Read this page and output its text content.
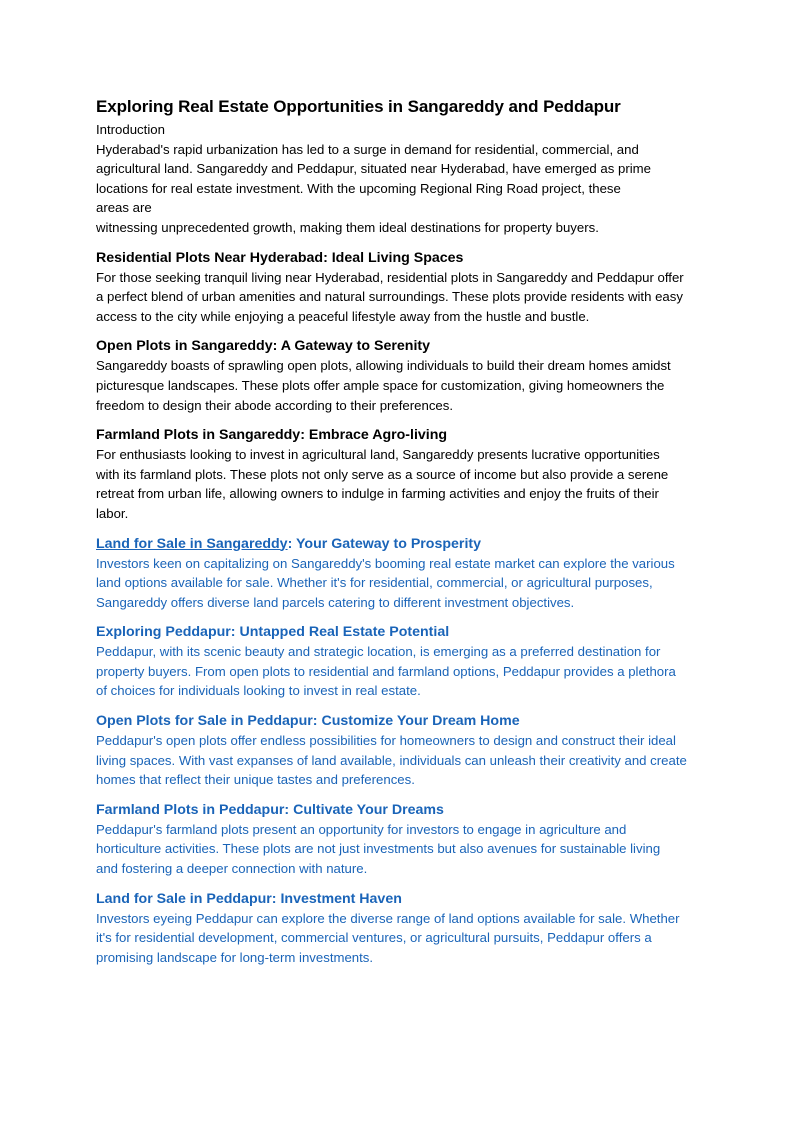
Exploring Real Estate Opportunities in Sangareddy and Peddapur

Introduction

Hyderabad's rapid urbanization has led to a surge in demand for residential, commercial, and
agricultural land. Sangareddy and Peddapur, situated near Hyderabad, have emerged as prime
locations for real estate investment. With the upcoming Regional Ring Road project, these
areas are
witnessing unprecedented growth, making them ideal destinations for property buyers.
Residential Plots Near Hyderabad: Ideal Living Spaces
For those seeking tranquil living near Hyderabad, residential plots in Sangareddy and Peddapur offer
a perfect blend of urban amenities and natural surroundings. These plots provide residents with easy
access to the city while enjoying a peaceful lifestyle away from the hustle and bustle.
Open Plots in Sangareddy: A Gateway to Serenity
Sangareddy boasts of sprawling open plots, allowing individuals to build their dream homes amidst
picturesque landscapes. These plots offer ample space for customization, giving homeowners the
freedom to design their abode according to their preferences.
Farmland Plots in Sangareddy: Embrace Agro-living
For enthusiasts looking to invest in agricultural land, Sangareddy presents lucrative opportunities
with its farmland plots. These plots not only serve as a source of income but also provide a serene
retreat from urban life, allowing owners to indulge in farming activities and enjoy the fruits of their
labor.
Land for Sale in Sangareddy: Your Gateway to Prosperity
Investors keen on capitalizing on Sangareddy's booming real estate market can explore the various
land options available for sale. Whether it's for residential, commercial, or agricultural purposes,
Sangareddy offers diverse land parcels catering to different investment objectives.
Exploring Peddapur: Untapped Real Estate Potential
Peddapur, with its scenic beauty and strategic location, is emerging as a preferred destination for
property buyers. From open plots to residential and farmland options, Peddapur provides a plethora
of choices for individuals looking to invest in real estate.
Open Plots for Sale in Peddapur: Customize Your Dream Home
Peddapur's open plots offer endless possibilities for homeowners to design and construct their ideal
living spaces. With vast expanses of land available, individuals can unleash their creativity and create
homes that reflect their unique tastes and preferences.
Farmland Plots in Peddapur: Cultivate Your Dreams
Peddapur's farmland plots present an opportunity for investors to engage in agriculture and
horticulture activities. These plots are not just investments but also avenues for sustainable living
and fostering a deeper connection with nature.
Land for Sale in Peddapur: Investment Haven
Investors eyeing Peddapur can explore the diverse range of land options available for sale. Whether
it's for residential development, commercial ventures, or agricultural pursuits, Peddapur offers a
promising landscape for long-term investments.
